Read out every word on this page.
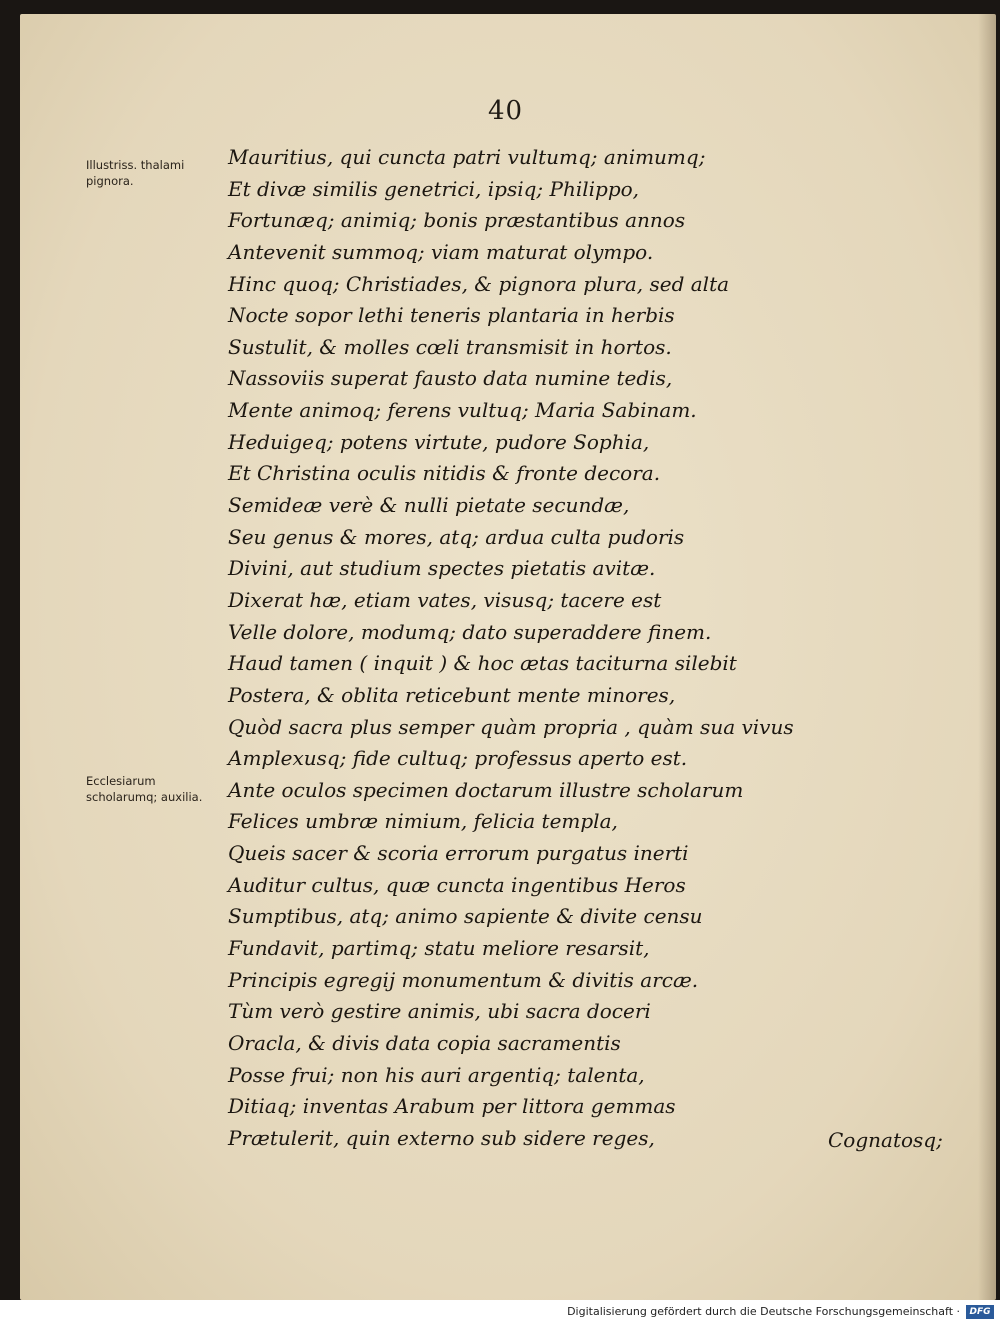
40
Illustriss. thalami pignora.
Ecclesiarum scholarumq; auxilia.
Mauritius, qui cuncta patri vultumq; animumq;
Et divæ similis genetrici, ipsiq; Philippo,
Fortunæq; animiq; bonis præstantibus annos
Antevenit summoq; viam maturat olympo.
Hinc quoq; Christiades, & pignora plura, sed alta
Nocte sopor lethi teneris plantaria in herbis
Sustulit, & molles cœli transmisit in hortos.
Nassoviis superat fausto data numine tedis,
Mente animoq; ferens vultuq; Maria Sabinam.
Heduigeq; potens virtute, pudore Sophia,
Et Christina oculis nitidis & fronte decora.
Semideæ verè & nulli pietate secundæ,
Seu genus & mores, atq; ardua culta pudoris
Divini, aut studium spectes pietatis avitæ.
Dixerat hæ, etiam vates, visusq; tacere est
Velle dolore, modumq; dato superaddere finem.
Haud tamen ( inquit ) & hoc ætas taciturna silebit
Postera, & oblita reticebunt mente minores,
Quòd sacra plus semper quàm propria , quàm sua vivus
Amplexusq; fide cultuq; professus aperto est.
Ante oculos specimen doctarum illustre scholarum
Felices umbræ nimium, felicia templa,
Queis sacer & scoria errorum purgatus inerti
Auditur cultus, quæ cuncta ingentibus Heros
Sumptibus, atq; animo sapiente & divite censu
Fundavit, partimq; statu meliore resarsit,
Principis egregij monumentum & divitis arcæ.
Tùm verò gestire animis, ubi sacra doceri
Oracla, & divis data copia sacramentis
Posse frui; non his auri argentiq; talenta,
Ditiaq; inventas Arabum per littora gemmas
Prætulerit, quin externo sub sidere reges,	Cognatosq;
Digitalisierung gefördert durch die Deutsche Forschungsgemeinschaft ·	DFG
